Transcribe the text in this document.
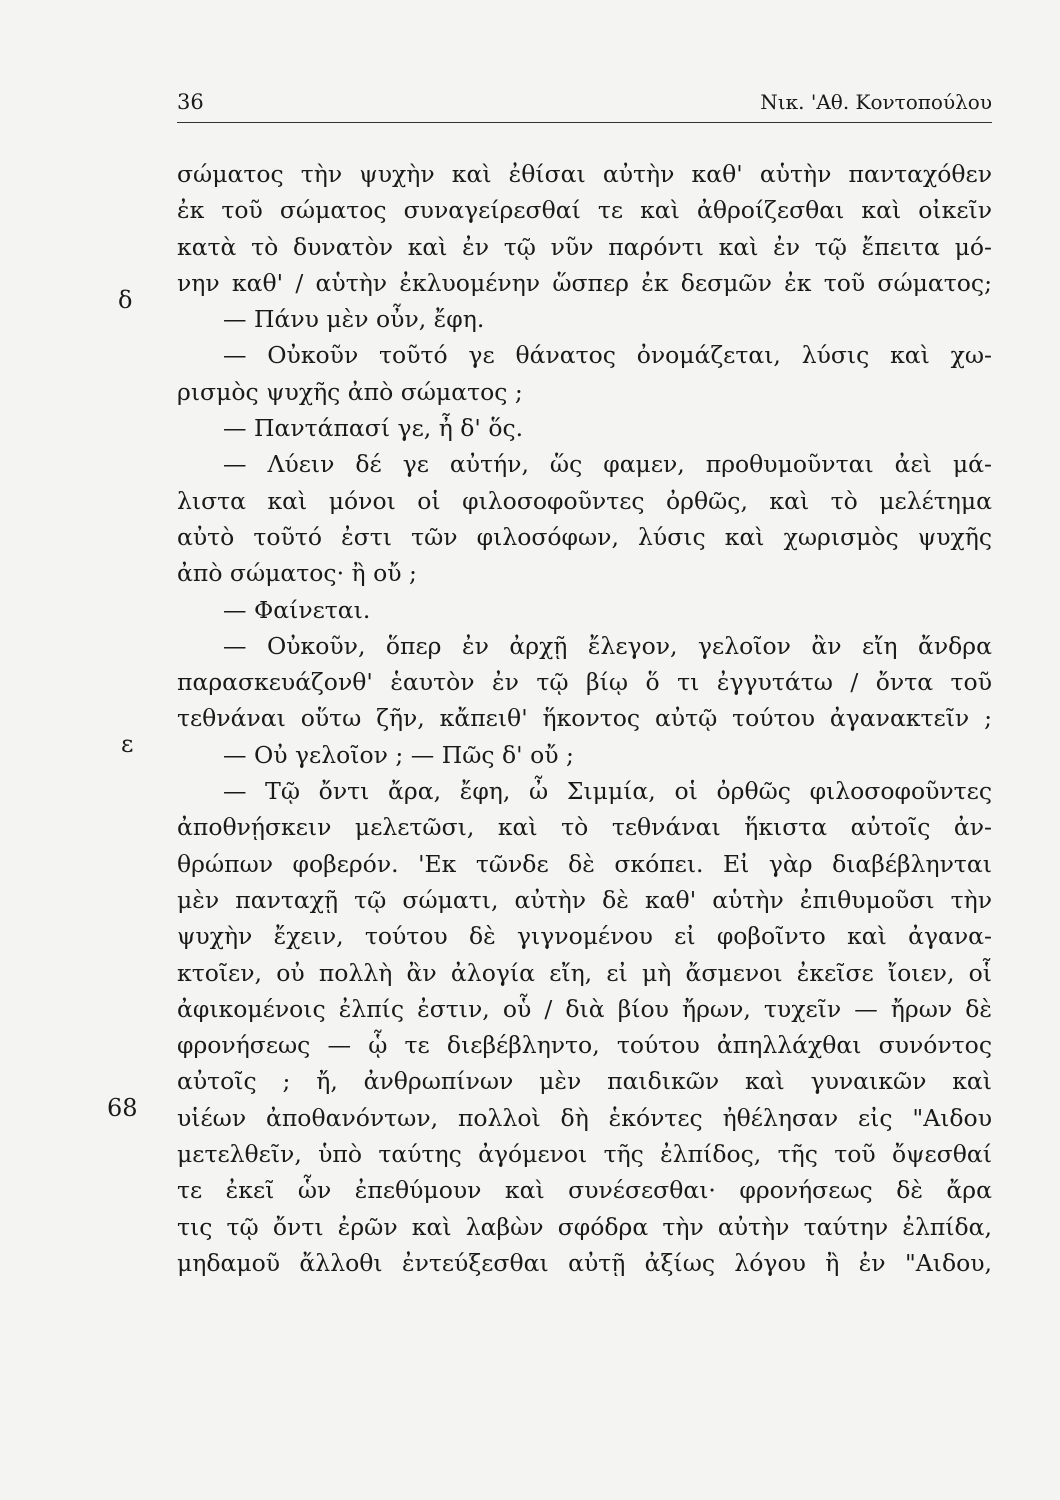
36	Νικ. 'Αθ. Κοντοπούλου
δ
ε
68
σώματος τὴν ψυχὴν καὶ ἐθίσαι αὐτὴν καθ' αὑτὴν πανταχόθεν
ἐκ τοῦ σώματος συναγείρεσθαί τε καὶ ἀθροίζεσθαι καὶ οἰκεῖν
κατὰ τὸ δυνατὸν καὶ ἐν τῷ νῦν παρόντι καὶ ἐν τῷ ἔπειτα μό-
νην καθ' / αὑτὴν ἐκλυομένην ὥσπερ ἐκ δεσμῶν ἐκ τοῦ σώματος;
— Πάνυ μὲν οὖν, ἔφη.
— Οὐκοῦν τοῦτό γε θάνατος ὀνομάζεται, λύσις καὶ χω-
ρισμὸς ψυχῆς ἀπὸ σώματος ;
— Παντάπασί γε, ἦ δ' ὅς.
— Λύειν δέ γε αὐτήν, ὥς φαμεν, προθυμοῦνται ἀεὶ μά-
λιστα καὶ μόνοι οἱ φιλοσοφοῦντες ὀρθῶς, καὶ τὸ μελέτημα
αὐτὸ τοῦτό ἐστι τῶν φιλοσόφων, λύσις καὶ χωρισμὸς ψυχῆς
ἀπὸ σώματος· ἢ οὔ ;
— Φαίνεται.
— Οὐκοῦν, ὅπερ ἐν ἀρχῇ ἔλεγον, γελοῖον ἂν εἴη ἄνδρα
παρασκευάζονθ' ἑαυτὸν ἐν τῷ βίῳ ὅ τι ἐγγυτάτω / ὄντα τοῦ
τεθνάναι οὕτω ζῆν, κἄπειθ' ἥκοντος αὐτῷ τούτου ἀγανακτεῖν ;
— Οὐ γελοῖον ; — Πῶς δ' οὔ ;
— Τῷ ὄντι ἄρα, ἔφη, ὦ Σιμμία, οἱ ὀρθῶς φιλοσοφοῦντες
ἀποθνῄσκειν μελετῶσι, καὶ τὸ τεθνάναι ἥκιστα αὐτοῖς ἀν-
θρώπων φοβερόν. 'Εκ τῶνδε δὲ σκόπει. Εἰ γὰρ διαβέβληνται
μὲν πανταχῇ τῷ σώματι, αὐτὴν δὲ καθ' αὑτὴν ἐπιθυμοῦσι τὴν
ψυχὴν ἔχειν, τούτου δὲ γιγνομένου εἰ φοβοῖντο καὶ ἀγανα-
κτοῖεν, οὐ πολλὴ ἂν ἀλογία εἴη, εἰ μὴ ἄσμενοι ἐκεῖσε ἴοιεν, οἷ
ἀφικομένοις ἐλπίς ἐστιν, οὗ / διὰ βίου ἤρων, τυχεῖν — ἤρων δὲ
φρονήσεως — ᾧ τε διεβέβληντο, τούτου ἀπηλλάχθαι συνόντος
αὐτοῖς ; ἤ, ἀνθρωπίνων μὲν παιδικῶν καὶ γυναικῶν καὶ
υἱέων ἀποθανόντων, πολλοὶ δὴ ἑκόντες ἠθέλησαν εἰς "Αιδου
μετελθεῖν, ὑπὸ ταύτης ἀγόμενοι τῆς ἐλπίδος, τῆς τοῦ ὄψεσθαί
τε ἐκεῖ ὧν ἐπεθύμουν καὶ συνέσεσθαι· φρονήσεως δὲ ἄρα
τις τῷ ὄντι ἐρῶν καὶ λαβὼν σφόδρα τὴν αὐτὴν ταύτην ἐλπίδα,
μηδαμοῦ ἄλλοθι ἐντεύξεσθαι αὐτῇ ἀξίως λόγου ἢ ἐν "Αιδου,
